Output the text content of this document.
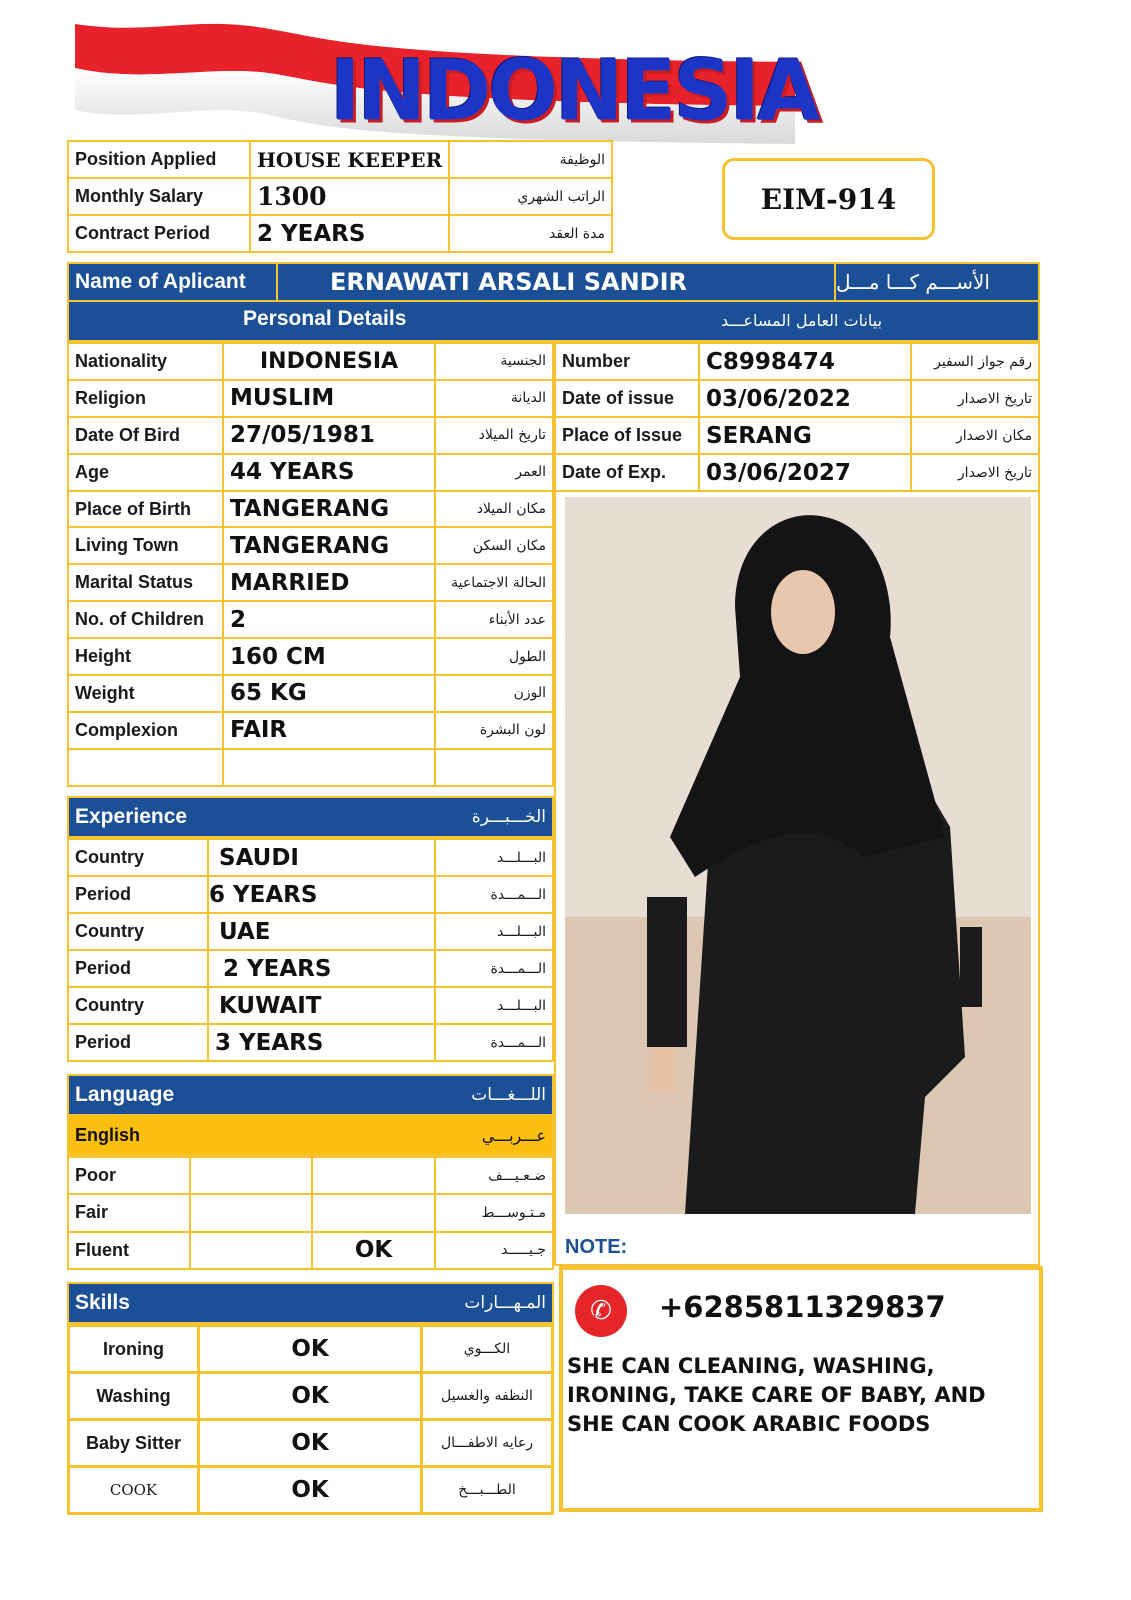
INDONESIA
Position Applied	HOUSE KEEPER	الوظيفة
Monthly Salary	1300	الراتب الشهري
Contract Period	2 YEARS	مدة العقد
EIM-914
Name of Aplicant	ERNAWATI ARSALI SANDIR	الأســـم كـــا مـــل
Personal Details	بيانات العامل المساعـــد
Nationality	INDONESIA	الجنسية
Religion	MUSLIM	الديانة
Date Of Bird	27/05/1981	تاريخ الميلاد
Age	44 YEARS	العمر
Place of Birth	TANGERANG	مكان الميلاد
Living Town	TANGERANG	مكان السكن
Marital Status	MARRIED	الحالة الاجتماعية
No. of Children	2	عدد الأبناء
Height	160 CM	الطول
Weight	65 KG	الوزن
Complexion	FAIR	لون البشرة

Number	C8998474	رقم جواز السفير
Date of issue	03/06/2022	تاريخ الاصدار
Place of Issue	SERANG	مكان الاصدار
Date of Exp.	03/06/2027	تاريخ الاصدار
NOTE:
Experience	الخـــبـــرة
Country	SAUDI	البـــلـــد
Period	6 YEARS	الـــمـــدة
Country	UAE	البـــلـــد
Period	2 YEARS	الـــمـــدة
Country	KUWAIT	البـــلـــد
Period	3 YEARS	الـــمـــدة
Language	اللـــغـــات
English	عـــربـــي
Poor			ضـعـيـــف
Fair			مـتـوســـط
Fluent		OK	جـيـــــد
Skills	المـهـــارات
Ironing	OK	الكـــوي
Washing	OK	النظفه والغسيل
Baby Sitter	OK	رعايه الاطفـــال
COOK	OK	الطـــبـــخ
✆	+6285811329837
SHE CAN CLEANING, WASHING, IRONING, TAKE CARE OF BABY, AND SHE CAN COOK ARABIC FOODS
